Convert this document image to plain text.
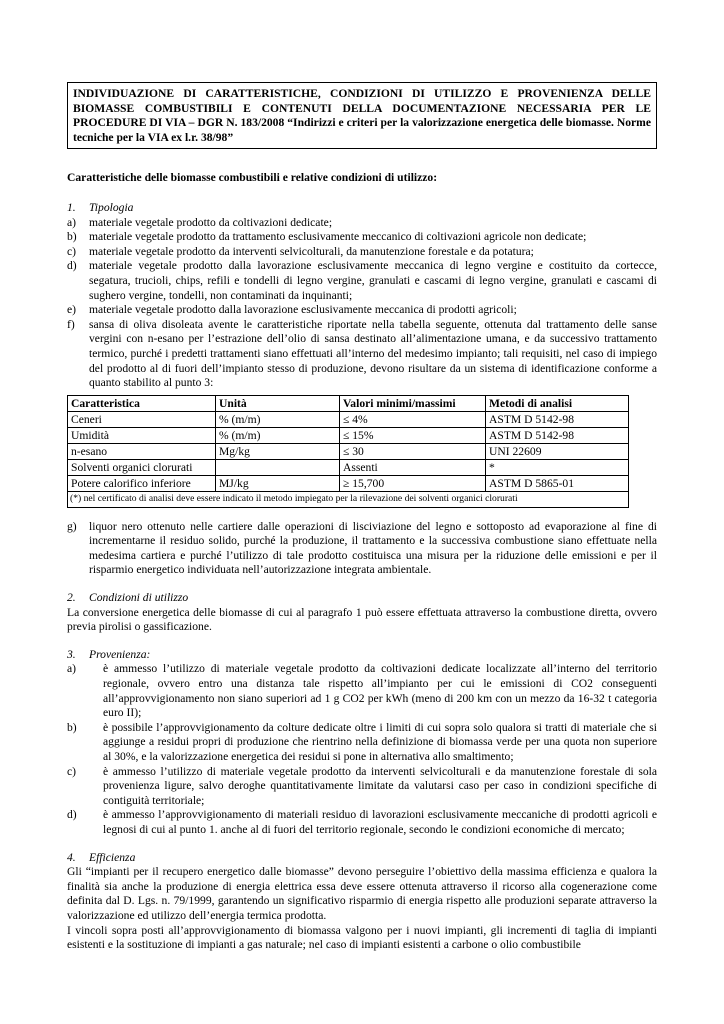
INDIVIDUAZIONE DI CARATTERISTICHE, CONDIZIONI DI UTILIZZO E PROVENIENZA DELLE BIOMASSE COMBUSTIBILI E CONTENUTI DELLA DOCUMENTAZIONE NECESSARIA PER LE PROCEDURE DI VIA – DGR N. 183/2008 “Indirizzi e criteri per la valorizzazione energetica delle biomasse. Norme tecniche per la VIA ex l.r. 38/98”

Caratteristiche delle biomasse combustibili e relative condizioni di utilizzo:

1. Tipologia

a)	materiale vegetale prodotto da coltivazioni dedicate;
b)	materiale vegetale prodotto da trattamento esclusivamente meccanico di coltivazioni agricole non dedicate;
c)	materiale vegetale prodotto da interventi selvicolturali, da manutenzione forestale e da potatura;
d)	materiale vegetale prodotto dalla lavorazione esclusivamente meccanica di legno vergine e costituito da cortecce, segatura, trucioli, chips, refili e tondelli di legno vergine, granulati e cascami di legno vergine, granulati e cascami di sughero vergine, tondelli, non contaminati da inquinanti;
e)	materiale vegetale prodotto dalla lavorazione esclusivamente meccanica di prodotti agricoli;
f)	sansa di oliva disoleata avente le caratteristiche riportate nella tabella seguente, ottenuta dal trattamento delle sanse vergini con n-esano per l’estrazione dell’olio di sansa destinato all’alimentazione umana, e da successivo trattamento termico, purché i predetti trattamenti siano effettuati all’interno del medesimo impianto; tali requisiti, nel caso di impiego del prodotto al di fuori dell’impianto stesso di produzione, devono risultare da un sistema di identificazione conforme a quanto stabilito al punto 3:
Caratteristica	Unità	Valori minimi/massimi	Metodi di analisi
Ceneri	% (m/m)	≤ 4%	ASTM D 5142-98
Umidità	% (m/m)	≤ 15%	ASTM D 5142-98
n-esano	Mg/kg	≤ 30	UNI 22609
Solventi organici clorurati		Assenti	*
Potere calorifico inferiore	MJ/kg	≥ 15,700	ASTM D 5865-01
(*) nel certificato di analisi deve essere indicato il metodo impiegato per la rilevazione dei solventi organici clorurati			
g)	liquor nero ottenuto nelle cartiere dalle operazioni di lisciviazione del legno e sottoposto ad evaporazione al fine di incrementarne il residuo solido, purché la produzione, il trattamento e la successiva combustione siano effettuate nella medesima cartiera e purché l’utilizzo di tale prodotto costituisca una misura per la riduzione delle emissioni e per il risparmio energetico individuata nell’autorizzazione integrata ambientale.

2. Condizioni di utilizzo

La conversione energetica delle biomasse di cui al paragrafo 1 può essere effettuata attraverso la combustione diretta, ovvero previa pirolisi o gassificazione.

3. Provenienza:

a)	è ammesso l’utilizzo di materiale vegetale prodotto da coltivazioni dedicate localizzate all’interno del territorio regionale, ovvero entro una distanza tale rispetto all’impianto per cui le emissioni di CO2 conseguenti all’approvvigionamento non siano superiori ad 1 g CO2 per kWh (meno di 200 km con un mezzo da 16-32 t categoria euro II);
b)	è possibile l’approvvigionamento da colture dedicate oltre i limiti di cui sopra solo qualora si tratti di materiale che si aggiunge a residui propri di produzione che rientrino nella definizione di biomassa verde per una quota non superiore al 30%, e la valorizzazione energetica dei residui si pone in alternativa allo smaltimento;
c)	è ammesso l’utilizzo di materiale vegetale prodotto da interventi selvicolturali e da manutenzione forestale di sola provenienza ligure, salvo deroghe quantitativamente limitate da valutarsi caso per caso in condizioni specifiche di contiguità territoriale;
d)	è ammesso l’approvvigionamento di materiali residuo di lavorazioni esclusivamente meccaniche di prodotti agricoli e legnosi di cui al punto 1. anche al di fuori del territorio regionale, secondo le condizioni economiche di mercato;

4. Efficienza

Gli “impianti per il recupero energetico dalle biomasse” devono perseguire l’obiettivo della massima efficienza e qualora la finalità sia anche la produzione di energia elettrica essa deve essere ottenuta attraverso il ricorso alla cogenerazione come definita dal D. Lgs. n. 79/1999, garantendo un significativo risparmio di energia rispetto alle produzioni separate attraverso la valorizzazione ed utilizzo dell’energia termica prodotta.

I vincoli sopra posti all’approvvigionamento di biomassa valgono per i nuovi impianti, gli incrementi di taglia di impianti esistenti e la sostituzione di impianti a gas naturale; nel caso di impianti esistenti a carbone o olio combustibile
